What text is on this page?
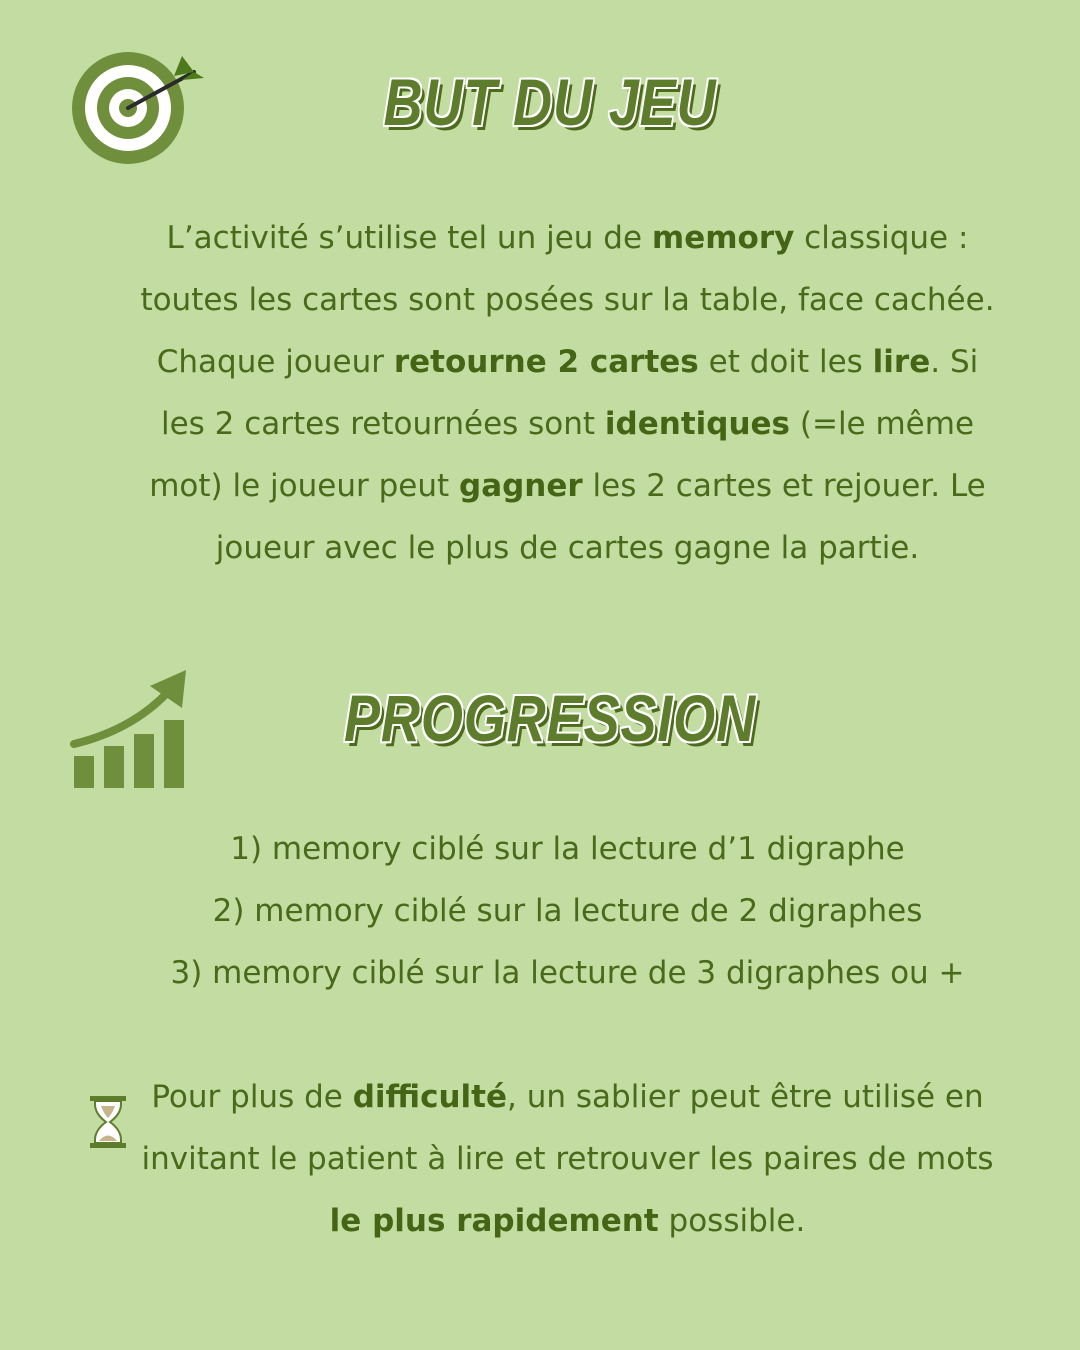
BUT DU JEU

L’activité s’utilise tel un jeu de memory classique : toutes les cartes sont posées sur la table, face cachée. Chaque joueur retourne 2 cartes et doit les lire. Si les 2 cartes retournées sont identiques (=le même mot) le joueur peut gagner les 2 cartes et rejouer. Le joueur avec le plus de cartes gagne la partie.

PROGRESSION
1) memory ciblé sur la lecture d’1 digraphe
2) memory ciblé sur la lecture de 2 digraphes
3) memory ciblé sur la lecture de 3 digraphes ou +

Pour plus de difficulté, un sablier peut être utilisé en invitant le patient à lire et retrouver les paires de mots le plus rapidement possible.
